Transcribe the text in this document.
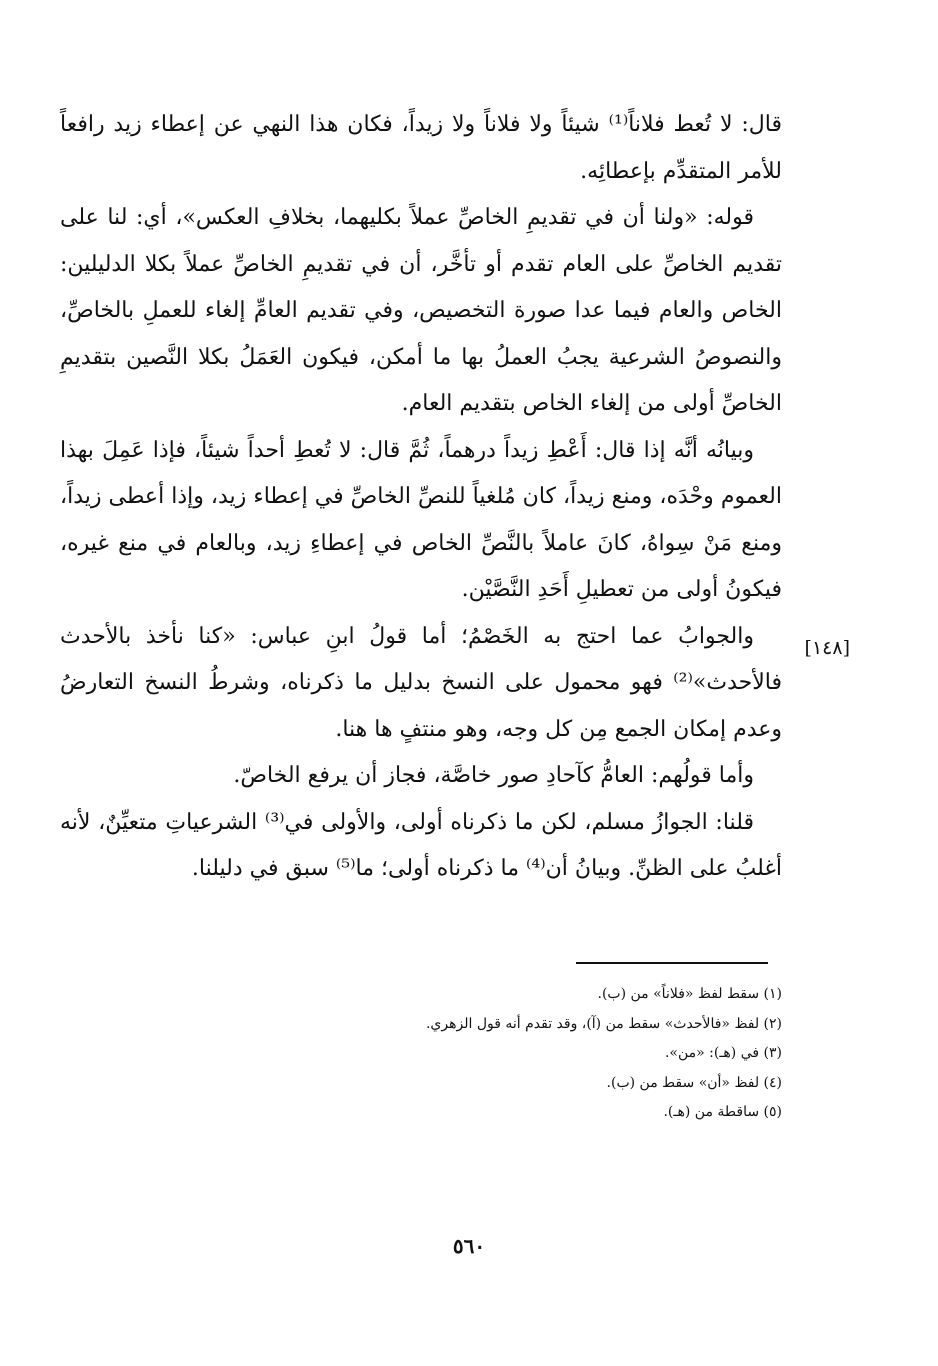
قال: لا تُعط فلاناً⁽¹⁾ شيئاً ولا فلاناً ولا زيداً، فكان هذا النهي عن إعطاء زيد رافعاً للأمر المتقدِّم بإعطائِه.

قوله: «ولنا أن في تقديمِ الخاصِّ عملاً بكليهما، بخلافِ العكس»، أي: لنا على تقديم الخاصِّ على العام تقدم أو تأخَّر، أن في تقديمِ الخاصِّ عملاً بكلا الدليلين: الخاص والعام فيما عدا صورة التخصيص، وفي تقديم العامِّ إلغاء للعملِ بالخاصِّ، والنصوصُ الشرعية يجبُ العملُ بها ما أمكن، فيكون العَمَلُ بكلا النَّصين بتقديمِ الخاصِّ أولى من إلغاء الخاص بتقديم العام.

وبيانُه أنَّه إذا قال: أَعْطِ زيداً درهماً، ثُمَّ قال: لا تُعطِ أحداً شيئاً، فإذا عَمِلَ بهذا العموم وحْدَه، ومنع زيداً، كان مُلغياً للنصِّ الخاصِّ في إعطاء زيد، وإذا أعطى زيداً، ومنع مَنْ سِواهُ، كانَ عاملاً بالنَّصِّ الخاص في إعطاءِ زيد، وبالعام في منع غيره، فيكونُ أولى من تعطيلِ أَحَدِ النَّصَّيْن.

والجوابُ عما احتج به الخَصْمُ؛ أما قولُ ابنِ عباس: «كنا نأخذ بالأحدث فالأحدث»⁽²⁾ فهو محمول على النسخ بدليل ما ذكرناه، وشرطُ النسخ التعارضُ وعدم إمكان الجمع مِن كل وجه، وهو منتفٍ ها هنا.

وأما قولُهم: العامُّ كآحادِ صور خاصَّة، فجاز أن يرفع الخاصّ.

قلنا: الجوازُ مسلم، لكن ما ذكرناه أولى، والأولى في⁽³⁾ الشرعياتِ متعيِّنٌ، لأنه أغلبُ على الظنِّ. وبيانُ أن⁽⁴⁾ ما ذكرناه أولى؛ ما⁽⁵⁾ سبق في دليلنا.

[١٤٨]

(١) سقط لفظ «فلاناً» من (ب).

(٢) لفظ «فالأحدث» سقط من (آ)، وقد تقدم أنه قول الزهري.

(٣) في (هـ): «من».

(٤) لفظ «أن» سقط من (ب).

(٥) ساقطة من (هـ).

٥٦٠
